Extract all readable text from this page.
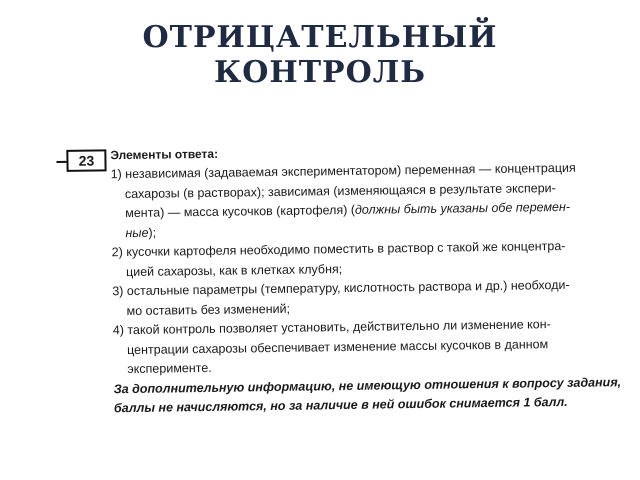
ОТРИЦАТЕЛЬНЫЙ
КОНТРОЛЬ
23	Элементы ответа:
1) независимая (задаваемая экспериментатором) переменная — концентрация
сахарозы (в растворах); зависимая (изменяющаяся в результате экспери-
мента) — масса кусочков (картофеля) (должны быть указаны обе перемен-
ные);
2) кусочки картофеля необходимо поместить в раствор с такой же концентра-
цией сахарозы, как в клетках клубня;
3) остальные параметры (температуру, кислотность раствора и др.) необходи-
мо оставить без изменений;
4) такой контроль позволяет установить, действительно ли изменение кон-
центрации сахарозы обеспечивает изменение массы кусочков в данном
эксперименте.
За дополнительную информацию, не имеющую отношения к вопросу задания,
баллы не начисляются, но за наличие в ней ошибок снимается 1 балл.
